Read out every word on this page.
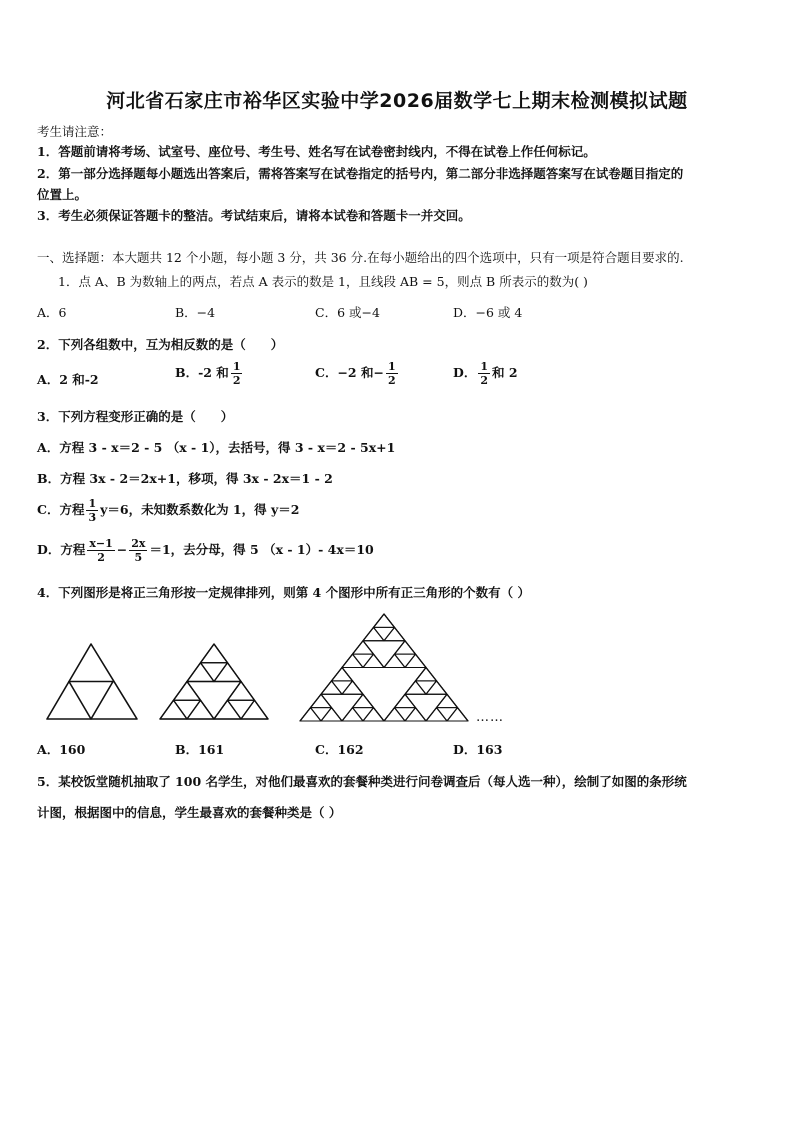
河北省石家庄市裕华区实验中学2026届数学七上期末检测模拟试题
考生请注意：
1．答题前请将考场、试室号、座位号、考生号、姓名写在试卷密封线内，不得在试卷上作任何标记。
2．第一部分选择题每小题选出答案后，需将答案写在试卷指定的括号内，第二部分非选择题答案写在试卷题目指定的
位置上。
3．考生必须保证答题卡的整洁。考试结束后，请将本试卷和答题卡一并交回。
一、选择题：本大题共 12 个小题，每小题 3 分，共 36 分.在每小题给出的四个选项中，只有一项是符合题目要求的.
1．点 A、B 为数轴上的两点，若点 A 表示的数是 1，且线段 AB = 5，则点 B 所表示的数为( )
A．6	B．−4	C．6 或−4	D．−6 或 4
2．下列各组数中，互为相反数的是（　　）
A．2 和-2	B．-2 和 $\frac{1}{2}$	C．−2 和− $\frac{1}{2}$	D． $\frac{1}{2}$ 和 2
3．下列方程变形正确的是（　　）
A．方程 3 - x＝2 - 5 （x - 1），去括号，得 3 - x＝2 - 5x+1
B．方程 3x - 2＝2x+1，移项，得 3x - 2x＝1 - 2
C．方程 $\frac{1}{3} y=6$，未知数系数化为 1，得 y＝2
D．方程 $\frac{x-1}{2} - \frac{2x}{5} =1$，去分母，得 5 （x - 1）- 4x＝10
4．下列图形是将正三角形按一定规律排列，则第 4 个图形中所有正三角形的个数有（ ）
……
A．160	B．161	C．162	D．163
5．某校饭堂随机抽取了 100 名学生，对他们最喜欢的套餐种类进行问卷调查后（每人选一种），绘制了如图的条形统
计图，根据图中的信息，学生最喜欢的套餐种类是（ ）
